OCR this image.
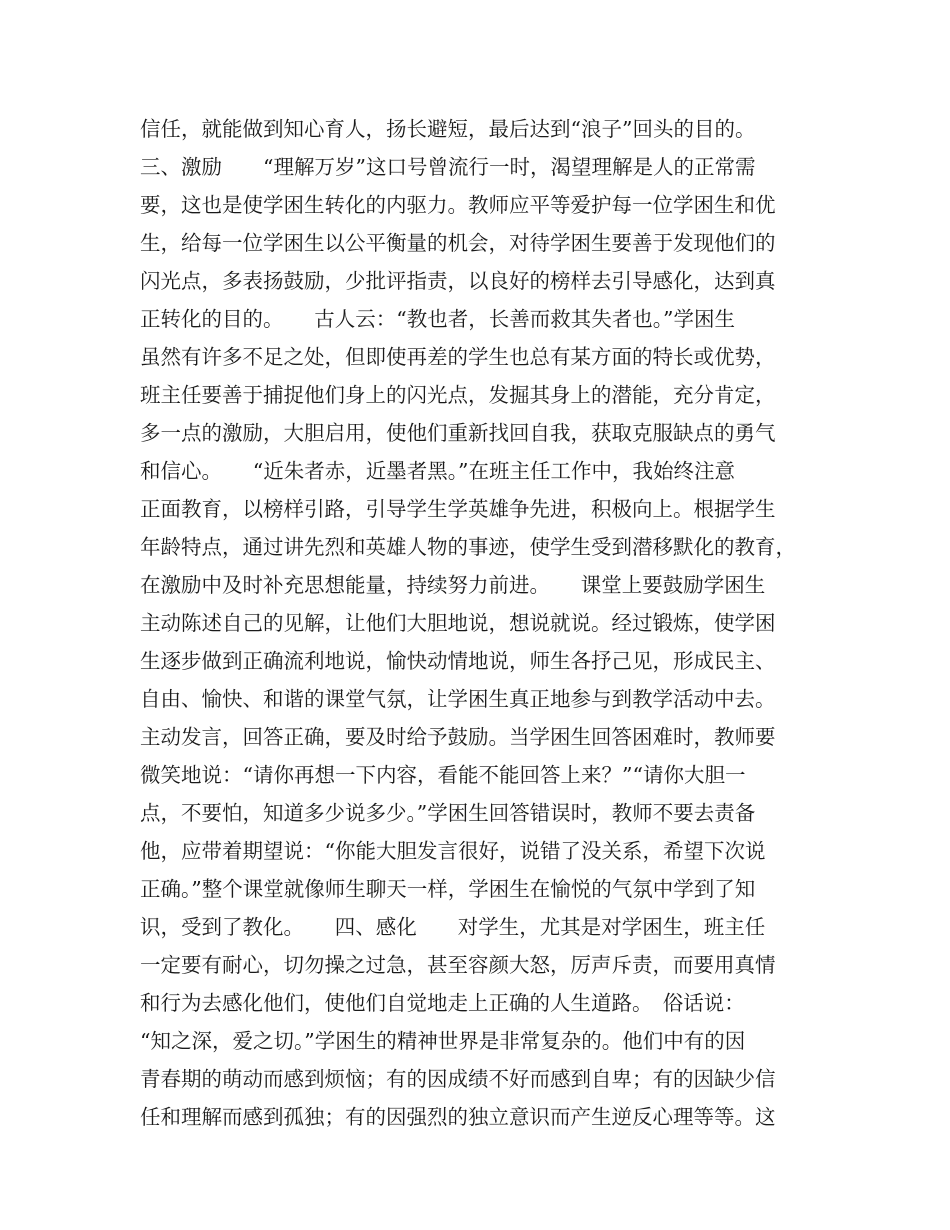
信任，就能做到知心育人，扬长避短，最后达到“浪子”回头的目的。
三、激励　　“理解万岁”这口号曾流行一时，渴望理解是人的正常需
要，这也是使学困生转化的内驱力。教师应平等爱护每一位学困生和优
生，给每一位学困生以公平衡量的机会，对待学困生要善于发现他们的
闪光点，多表扬鼓励，少批评指责，以良好的榜样去引导感化，达到真
正转化的目的。　　古人云：“教也者，长善而救其失者也。”学困生
虽然有许多不足之处，但即使再差的学生也总有某方面的特长或优势，
班主任要善于捕捉他们身上的闪光点，发掘其身上的潜能，充分肯定，
多一点的激励，大胆启用，使他们重新找回自我，获取克服缺点的勇气
和信心。　　“近朱者赤，近墨者黑。”在班主任工作中，我始终注意
正面教育，以榜样引路，引导学生学英雄争先进，积极向上。根据学生
年龄特点，通过讲先烈和英雄人物的事迹，使学生受到潜移默化的教育，
在激励中及时补充思想能量，持续努力前进。　　课堂上要鼓励学困生
主动陈述自己的见解，让他们大胆地说，想说就说。经过锻炼，使学困
生逐步做到正确流利地说，愉快动情地说，师生各抒己见，形成民主、
自由、愉快、和谐的课堂气氛，让学困生真正地参与到教学活动中去。
主动发言，回答正确，要及时给予鼓励。当学困生回答困难时，教师要
微笑地说：“请你再想一下内容，看能不能回答上来？”“请你大胆一
点，不要怕，知道多少说多少。”学困生回答错误时，教师不要去责备
他，应带着期望说：“你能大胆发言很好，说错了没关系，希望下次说
正确。”整个课堂就像师生聊天一样，学困生在愉悦的气氛中学到了知
识，受到了教化。　　四、感化　　对学生，尤其是对学困生，班主任
一定要有耐心，切勿操之过急，甚至容颜大怒，厉声斥责，而要用真情
和行为去感化他们，使他们自觉地走上正确的人生道路。　俗话说：
“知之深，爱之切。”学困生的精神世界是非常复杂的。他们中有的因
青春期的萌动而感到烦恼；有的因成绩不好而感到自卑；有的因缺少信
任和理解而感到孤独；有的因强烈的独立意识而产生逆反心理等等。这
